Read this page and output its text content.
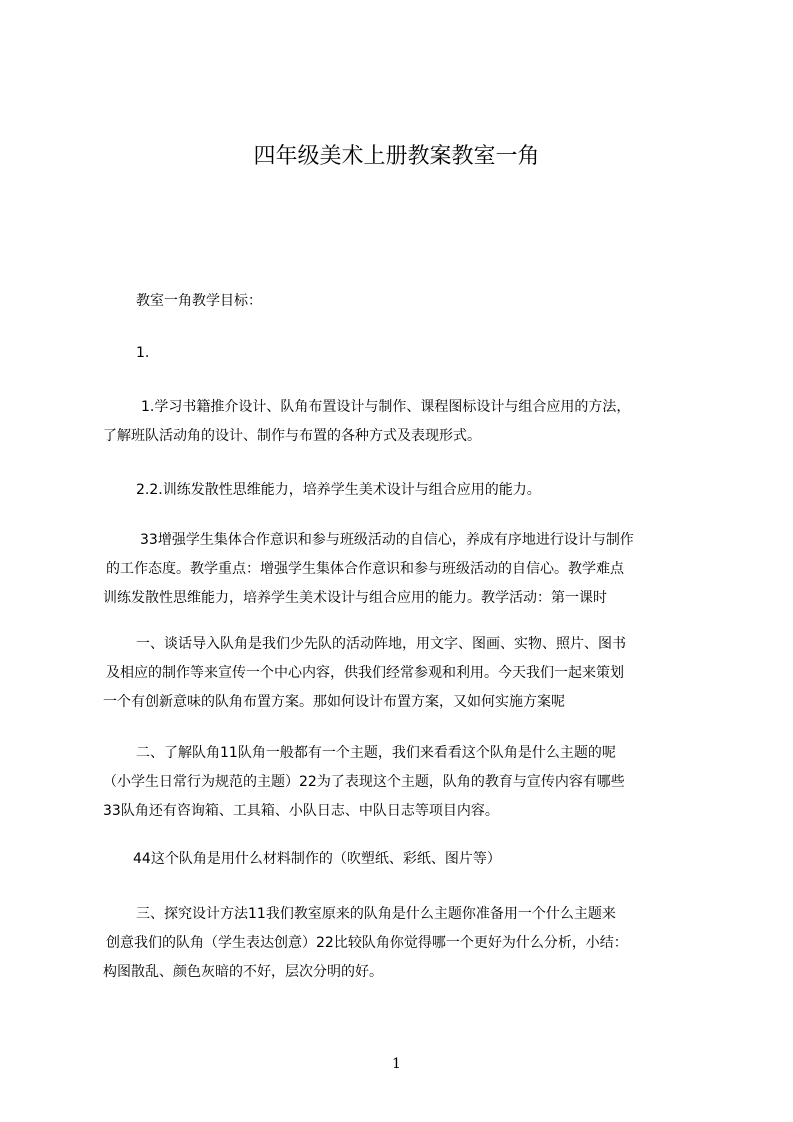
四年级美术上册教案教室一角
教室一角教学目标：
1.
1.学习书籍推介设计、队角布置设计与制作、课程图标设计与组合应用的方法，
了解班队活动角的设计、制作与布置的各种方式及表现形式。
2.2.训练发散性思维能力，培养学生美术设计与组合应用的能力。
33增强学生集体合作意识和参与班级活动的自信心，养成有序地进行设计与制作
的工作态度。教学重点：增强学生集体合作意识和参与班级活动的自信心。教学难点
训练发散性思维能力，培养学生美术设计与组合应用的能力。教学活动：第一课时
一、谈话导入队角是我们少先队的活动阵地，用文字、图画、实物、照片、图书
及相应的制作等来宣传一个中心内容，供我们经常参观和利用。今天我们一起来策划
一个有创新意味的队角布置方案。那如何设计布置方案，又如何实施方案呢
二、了解队角11队角一般都有一个主题，我们来看看这个队角是什么主题的呢
（小学生日常行为规范的主题）22为了表现这个主题，队角的教育与宣传内容有哪些
33队角还有咨询箱、工具箱、小队日志、中队日志等项目内容。
44这个队角是用什么材料制作的（吹塑纸、彩纸、图片等）
三、探究设计方法11我们教室原来的队角是什么主题你准备用一个什么主题来
创意我们的队角（学生表达创意）22比较队角你觉得哪一个更好为什么分析，小结：
构图散乱、颜色灰暗的不好，层次分明的好。
1
